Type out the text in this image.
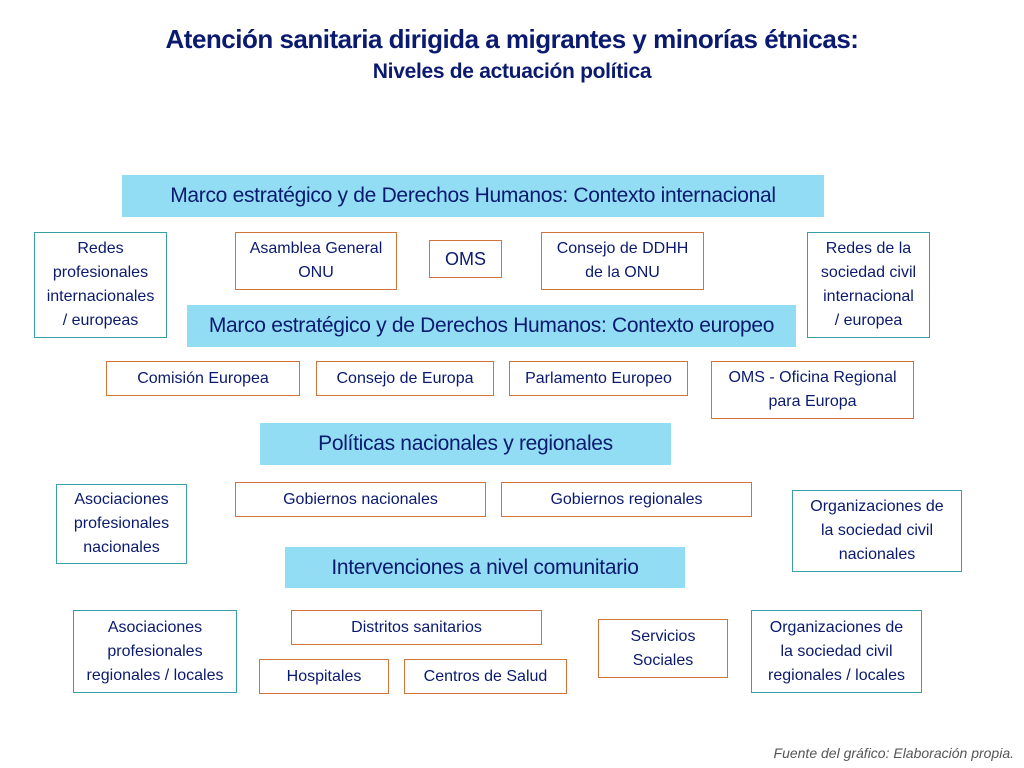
Atención sanitaria dirigida a migrantes y minorías étnicas:
Niveles de actuación política
Marco estratégico y de Derechos Humanos: Contexto internacional
Redes
profesionales
internacionales
/ europeas
Asamblea General
ONU
OMS
Consejo de DDHH
de la ONU
Redes de la
sociedad civil
internacional
/ europea
Marco estratégico y de Derechos Humanos: Contexto europeo
Comisión Europea	Consejo de Europa	Parlamento Europeo	OMS - Oficina Regional
para Europa
Políticas nacionales y regionales
Asociaciones
profesionales
nacionales
Gobiernos nacionales	Gobiernos regionales	Organizaciones de
la sociedad civil
nacionales
Intervenciones a nivel comunitario
Asociaciones
profesionales
regionales / locales
Distritos sanitarios
Hospitales	Centros de Salud
Servicios
Sociales
Organizaciones de
la sociedad civil
regionales / locales
Fuente del gráfico: Elaboración propia.
